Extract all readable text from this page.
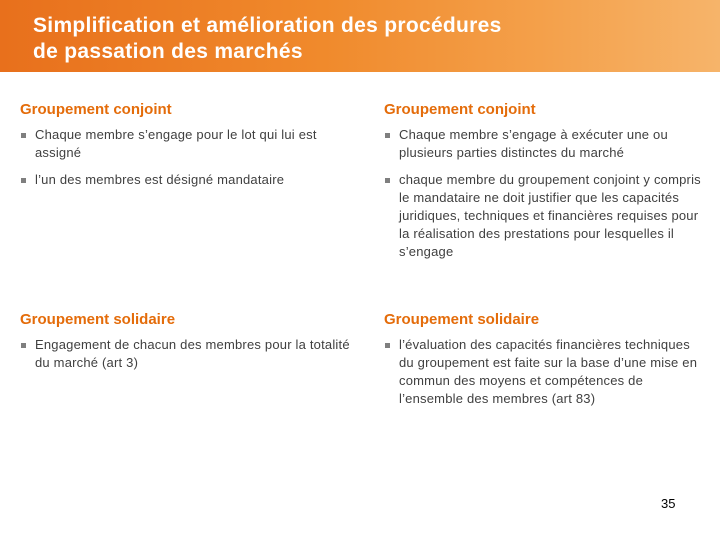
Simplification et amélioration des procédures
de passation des marchés
Groupement conjoint
Chaque membre s’engage pour le lot qui lui est assigné
l’un des membres est désigné mandataire
Groupement solidaire
Engagement de chacun des membres pour la totalité du marché (art 3)
Groupement conjoint
Chaque membre s’engage à exécuter une ou plusieurs parties distinctes du marché
chaque membre du groupement conjoint y compris le mandataire ne doit justifier que les capacités juridiques, techniques et financières requises pour la réalisation des prestations pour lesquelles il s’engage
Groupement solidaire
l’évaluation des capacités financières techniques du groupement est faite sur la base d’une mise en commun des moyens et compétences de l’ensemble des membres (art 83)
35
